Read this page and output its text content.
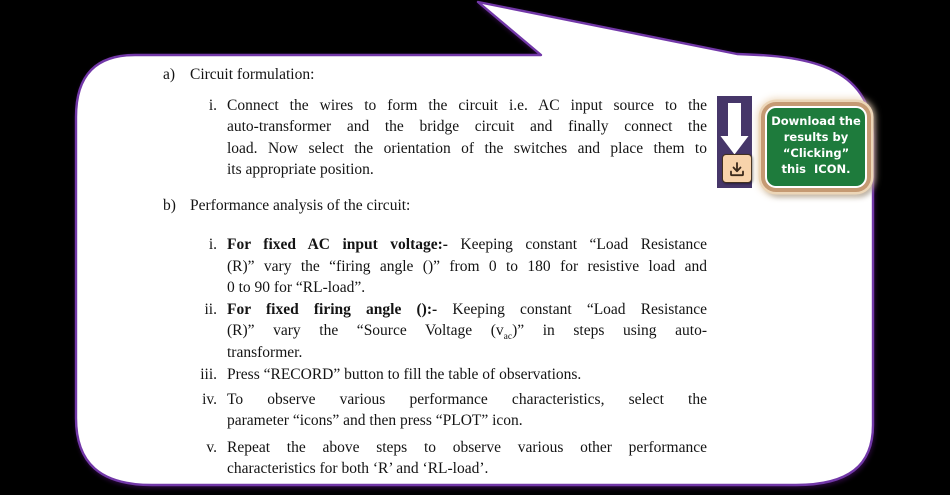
a) Circuit formulation:
i. Connect the wires to form the circuit i.e. AC input source to the
auto-transformer and the bridge circuit and finally connect the
load. Now select the orientation of the switches and place them to
its appropriate position.
b) Performance analysis of the circuit:
i. For fixed AC input voltage:- Keeping constant “Load Resistance
(R)” vary the “firing angle ()” from 0 to 180 for resistive load and
0 to 90 for “RL-load”.
ii. For fixed firing angle ():- Keeping constant “Load Resistance
(R)” vary the “Source Voltage $(v_{ac})$” in steps using auto-
transformer.
iii. Press “RECORD” button to fill the table of observations.
iv. To observe various performance characteristics, select the
parameter “icons” and then press “PLOT” icon.
v. Repeat the above steps to observe various other performance
characteristics for both ‘R’ and ‘RL-load’.
Download the
results by
“Clicking”
this  ICON.
